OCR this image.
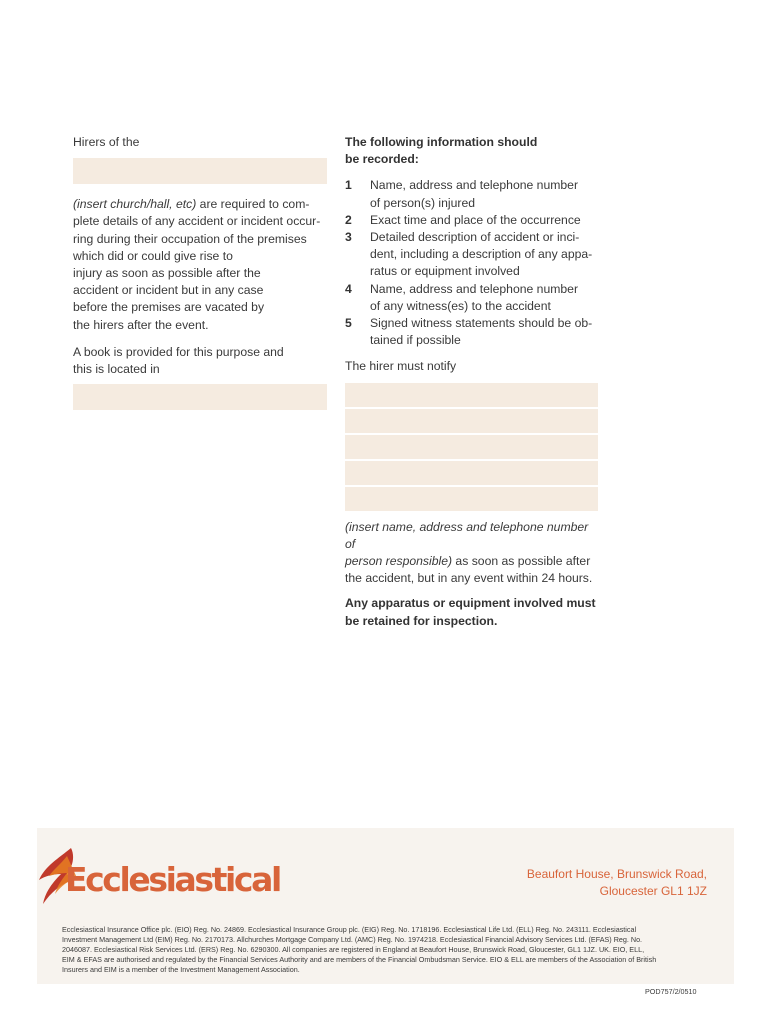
Hirers of the

(insert church/hall, etc) are required to com-
plete details of any accident or incident occur-
ring during their occupation of the premises
which did or could give rise to
injury as soon as possible after the
accident or incident but in any case
before the premises are vacated by
the hirers after the event.

A book is provided for this purpose and
this is located in

The following information should
be recorded:

1	Name, address and telephone number
of person(s) injured
2	Exact time and place of the occurrence
3	Detailed description of accident or inci-
dent, including a description of any appa-
ratus or equipment involved
4	Name, address and telephone number
of any witness(es) to the accident
5	Signed witness statements should be ob-
tained if possible

The hirer must notify

(insert name, address and telephone number of
person responsible) as soon as possible after
the accident, but in any event within 24 hours.

Any apparatus or equipment involved must
be retained for inspection.

Ecclesiastical	Beaufort House, Brunswick Road,
Gloucester GL1 1JZ
Ecclesiastical Insurance Office plc. (EIO) Reg. No. 24869. Ecclesiastical Insurance Group plc. (EIG) Reg. No. 1718196. Ecclesiastical Life Ltd. (ELL) Reg. No. 243111. Ecclesiastical
Investment Management Ltd (EIM) Reg. No. 2170173. Allchurches Mortgage Company Ltd. (AMC) Reg. No. 1974218. Ecclesiastical Financial Advisory Services Ltd. (EFAS) Reg. No.
2046087. Ecclesiastical Risk Services Ltd. (ERS) Reg. No. 6290300. All companies are registered in England at Beaufort House, Brunswick Road, Gloucester, GL1 1JZ. UK. EIO, ELL,
EIM & EFAS are authorised and regulated by the Financial Services Authority and are members of the Financial Ombudsman Service. EIO & ELL are members of the Association of British
Insurers and EIM is a member of the Investment Management Association.
POD757/2/0510
